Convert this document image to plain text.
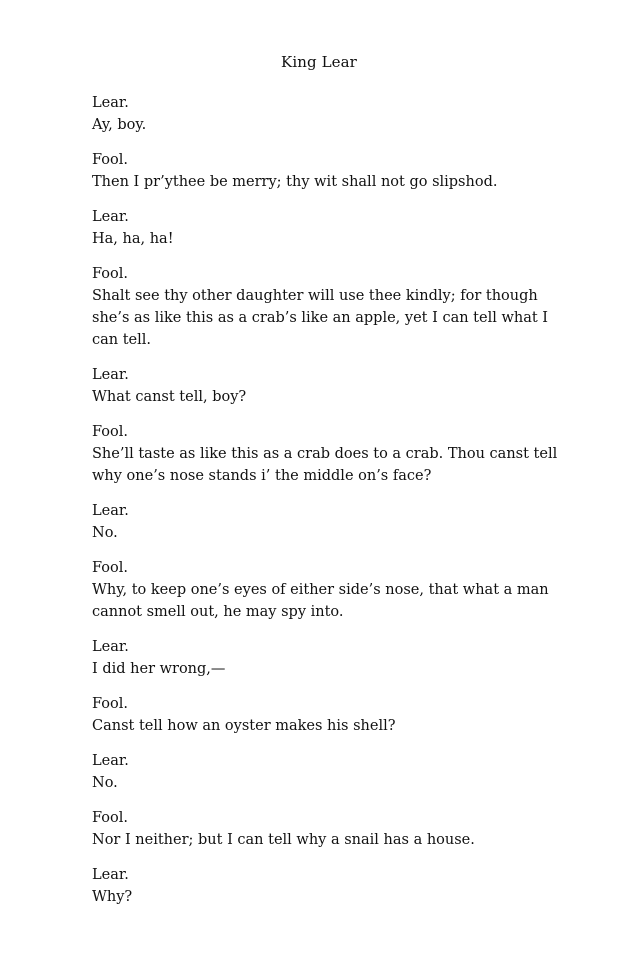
King Lear
Lear.
Ay, boy.
Fool.
Then I pr’ythee be merry; thy wit shall not go slipshod.
Lear.
Ha, ha, ha!
Fool.
Shalt see thy other daughter will use thee kindly; for though she’s as like this as a crab’s like an apple, yet I can tell what I can tell.
Lear.
What canst tell, boy?
Fool.
She’ll taste as like this as a crab does to a crab. Thou canst tell why one’s nose stands i’ the middle on’s face?
Lear.
No.
Fool.
Why, to keep one’s eyes of either side’s nose, that what a man cannot smell out, he may spy into.
Lear.
I did her wrong,—
Fool.
Canst tell how an oyster makes his shell?
Lear.
No.
Fool.
Nor I neither; but I can tell why a snail has a house.
Lear.
Why?
